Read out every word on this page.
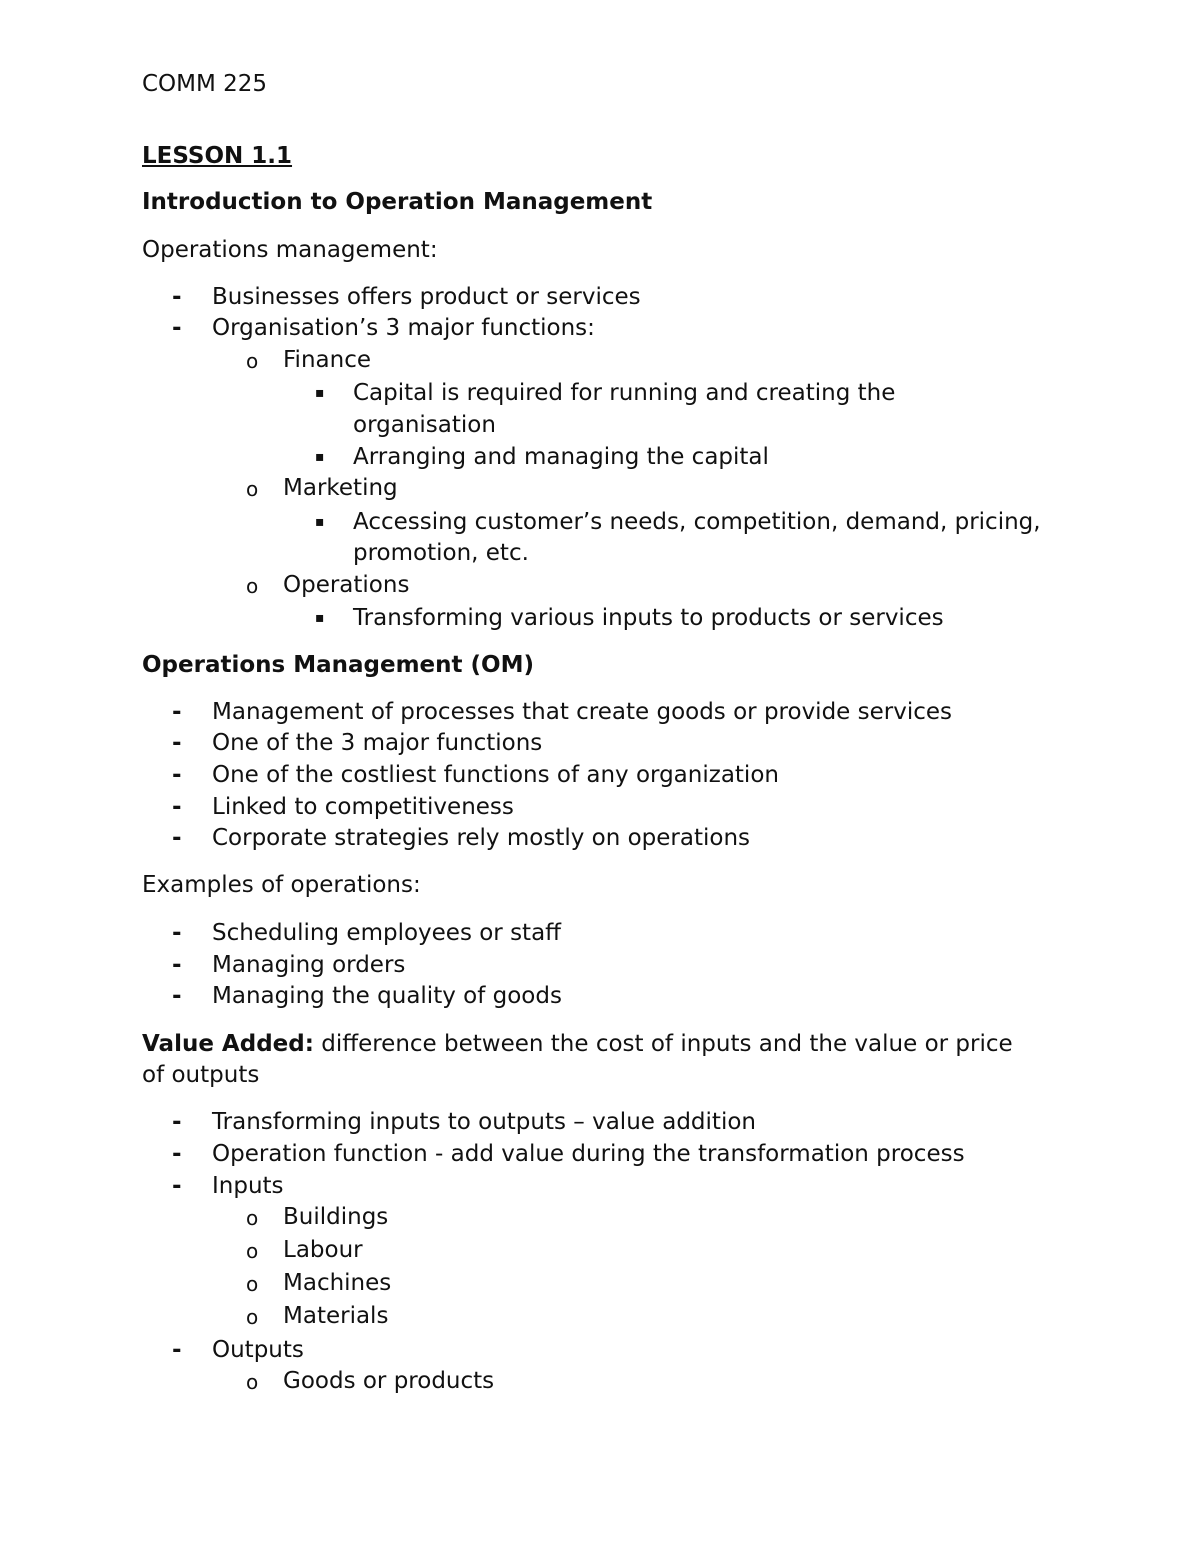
COMM 225
LESSON 1.1
Introduction to Operation Management
Operations management:
- Businesses offers product or services
- Organisation’s 3 major functions:
o Finance
▪ Capital is required for running and creating the
organisation
▪ Arranging and managing the capital
o Marketing
▪ Accessing customer’s needs, competition, demand, pricing,
promotion, etc.
o Operations
▪ Transforming various inputs to products or services
Operations Management (OM)
- Management of processes that create goods or provide services
- One of the 3 major functions
- One of the costliest functions of any organization
- Linked to competitiveness
- Corporate strategies rely mostly on operations
Examples of operations:
- Scheduling employees or staff
- Managing orders
- Managing the quality of goods
Value Added: difference between the cost of inputs and the value or price
of outputs
- Transforming inputs to outputs – value addition
- Operation function - add value during the transformation process
- Inputs
o Buildings
o Labour
o Machines
o Materials
- Outputs
o Goods or products
